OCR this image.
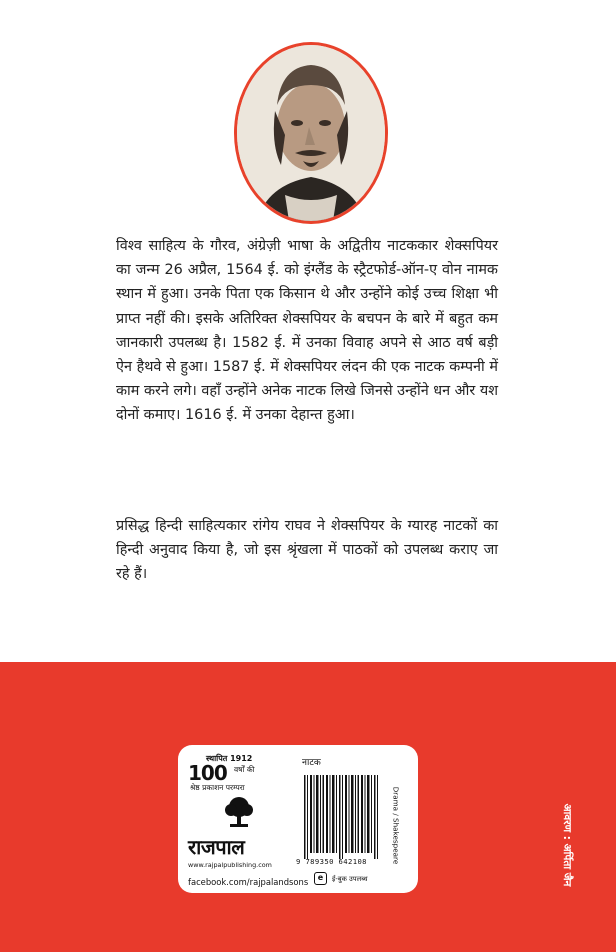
विश्व साहित्य के गौरव, अंग्रेज़ी भाषा के अद्वितीय नाटककार शेक्सपियर का जन्म 26 अप्रैल, 1564 ई. को इंग्लैंड के स्ट्रैटफोर्ड-ऑन-ए वोन नामक स्थान में हुआ। उनके पिता एक किसान थे और उन्होंने कोई उच्च शिक्षा भी प्राप्त नहीं की। इसके अतिरिक्त शेक्सपियर के बचपन के बारे में बहुत कम जानकारी उपलब्ध है। 1582 ई. में उनका विवाह अपने से आठ वर्ष बड़ी ऐन हैथवे से हुआ। 1587 ई. में शेक्सपियर लंदन की एक नाटक कम्पनी में काम करने लगे। वहाँ उन्होंने अनेक नाटक लिखे जिनसे उन्होंने धन और यश दोनों कमाए। 1616 ई. में उनका देहान्त हुआ।

प्रसिद्ध हिन्दी साहित्यकार रांगेय राघव ने शेक्सपियर के ग्यारह नाटकों का हिन्दी अनुवाद किया है, जो इस श्रृंखला में पाठकों को उपलब्ध कराए जा रहे हैं।

स्थापित 1912
100 वर्षों की
श्रेष्ठ प्रकाशन परम्परा
राजपाल
www.rajpalpublishing.com
facebook.com/rajpalandsons
नाटक
9 789350 642108	Drama / Shakespeare
e	ई-बुक उपलब्ध	आवरण : अर्पिता जैन
